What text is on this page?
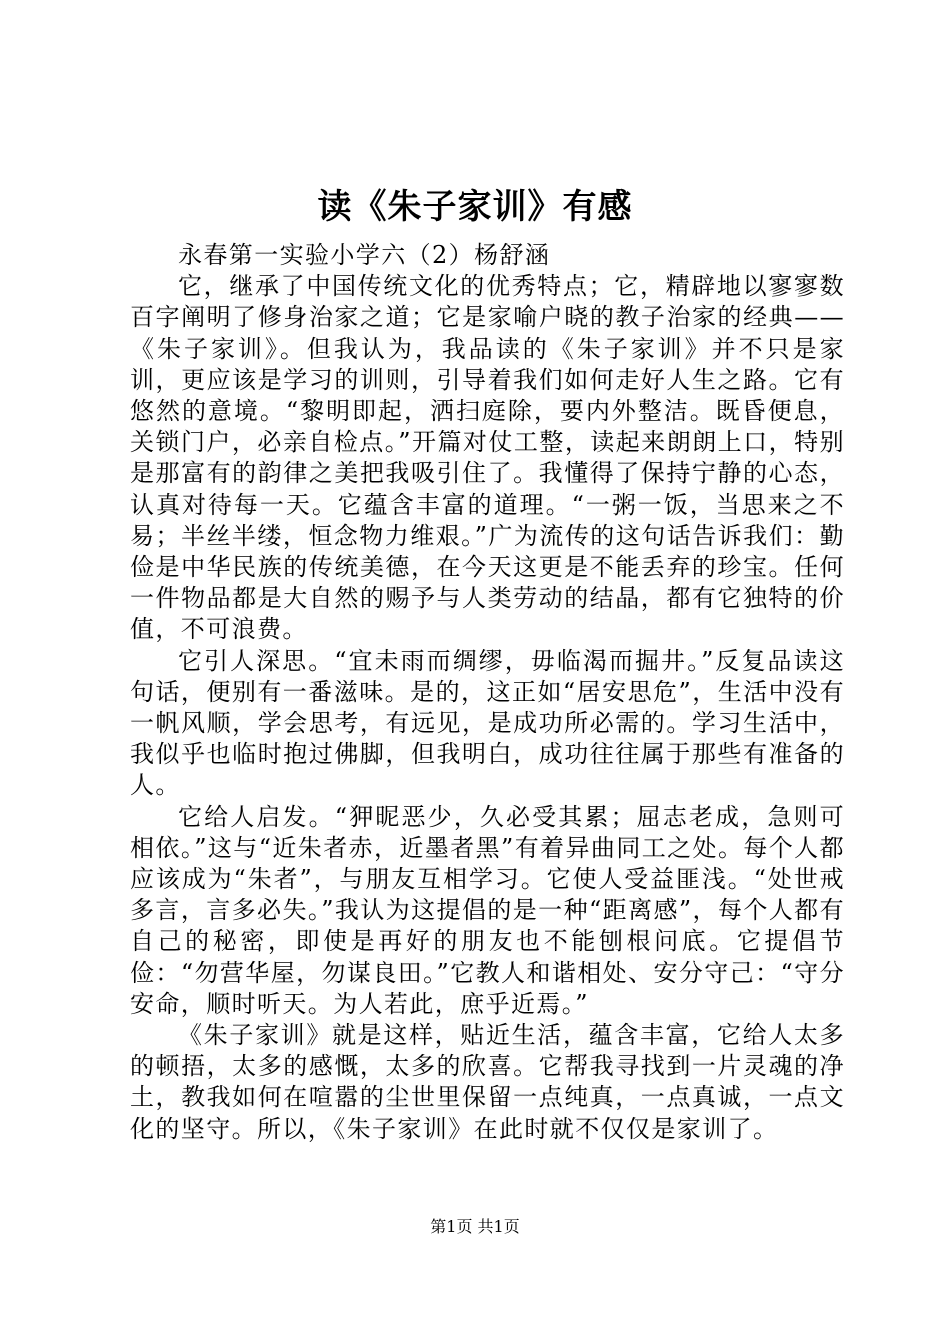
读《朱子家训》有感

永春第一实验小学六（2）杨舒涵

它，继承了中国传统文化的优秀特点；它，精辟地以寥寥数百字阐明了修身治家之道；它是家喻户晓的教子治家的经典——《朱子家训》。但我认为，我品读的《朱子家训》并不只是家训，更应该是学习的训则，引导着我们如何走好人生之路。它有悠然的意境。“黎明即起，洒扫庭除，要内外整洁。既昏便息，关锁门户，必亲自检点。”开篇对仗工整，读起来朗朗上口，特别是那富有的韵律之美把我吸引住了。我懂得了保持宁静的心态，认真对待每一天。它蕴含丰富的道理。“一粥一饭，当思来之不易；半丝半缕，恒念物力维艰。”广为流传的这句话告诉我们：勤俭是中华民族的传统美德，在今天这更是不能丢弃的珍宝。任何一件物品都是大自然的赐予与人类劳动的结晶，都有它独特的价值，不可浪费。

它引人深思。“宜未雨而绸缪，毋临渴而掘井。”反复品读这句话，便别有一番滋味。是的，这正如“居安思危”，生活中没有一帆风顺，学会思考，有远见，是成功所必需的。学习生活中，我似乎也临时抱过佛脚，但我明白，成功往往属于那些有准备的人。

它给人启发。“狎昵恶少，久必受其累；屈志老成，急则可相依。”这与“近朱者赤，近墨者黑”有着异曲同工之处。每个人都应该成为“朱者”，与朋友互相学习。它使人受益匪浅。“处世戒多言，言多必失。”我认为这提倡的是一种“距离感”，每个人都有自己的秘密，即使是再好的朋友也不能刨根问底。它提倡节俭：“勿营华屋，勿谋良田。”它教人和谐相处、安分守己：“守分安命，顺时听天。为人若此，庶乎近焉。”

《朱子家训》就是这样，贴近生活，蕴含丰富，它给人太多的顿捂，太多的感慨，太多的欣喜。它帮我寻找到一片灵魂的净土，教我如何在喧嚣的尘世里保留一点纯真，一点真诚，一点文化的坚守。所以，《朱子家训》在此时就不仅仅是家训了。

第1页 共1页
